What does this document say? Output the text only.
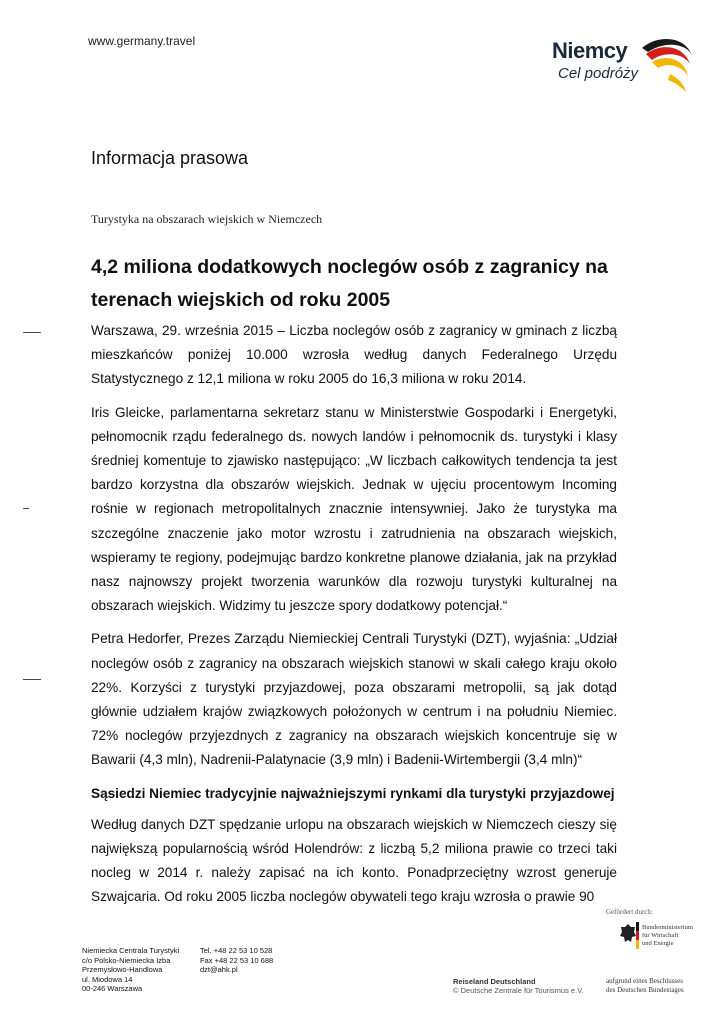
www.germany.travel	Niemcy
Cel podróży
Informacja prasowa
Turystyka na obszarach wiejskich w Niemczech
4,2 miliona dodatkowych noclegów osób z zagranicy na terenach wiejskich od roku 2005

Warszawa, 29. września 2015 – Liczba noclegów osób z zagranicy w gminach z liczbą mieszkańców poniżej 10.000 wzrosła według danych Federalnego Urzędu Statystycznego z 12,1 miliona w roku 2005 do 16,3 miliona w roku 2014.

Iris Gleicke, parlamentarna sekretarz stanu w Ministerstwie Gospodarki i Energetyki, pełnomocnik rządu federalnego ds. nowych landów i pełnomocnik ds. turystyki i klasy średniej komentuje to zjawisko następująco: „W liczbach całkowitych tendencja ta jest bardzo korzystna dla obszarów wiejskich. Jednak w ujęciu procentowym Incoming rośnie w regionach metropolitalnych znacznie intensywniej. Jako że turystyka ma szczególne znaczenie jako motor wzrostu i zatrudnienia na obszarach wiejskich, wspieramy te regiony, podejmując bardzo konkretne planowe działania, jak na przykład nasz najnowszy projekt tworzenia warunków dla rozwoju turystyki kulturalnej na obszarach wiejskich. Widzimy tu jeszcze spory dodatkowy potencjał.“

Petra Hedorfer, Prezes Zarządu Niemieckiej Centrali Turystyki (DZT), wyjaśnia: „Udział noclegów osób z zagranicy na obszarach wiejskich stanowi w skali całego kraju około 22%. Korzyści z turystyki przyjazdowej, poza obszarami metropolii, są jak dotąd głównie udziałem krajów związkowych położonych w centrum i na południu Niemiec. 72% noclegów przyjezdnych z zagranicy na obszarach wiejskich koncentruje się w Bawarii (4,3 mln), Nadrenii-Palatynacie (3,9 mln) i Badenii-Wirtembergii (3,4 mln)“

Sąsiedzi Niemiec tradycyjnie najważniejszymi rynkami dla turystyki przyjazdowej

Według danych DZT spędzanie urlopu na obszarach wiejskich w Niemczech cieszy się największą popularnością wśród Holendrów: z liczbą 5,2 miliona prawie co trzeci taki nocleg w 2014 r. należy zapisać na ich konto. Ponadprzeciętny wzrost generuje Szwajcaria. Od roku 2005 liczba noclegów obywateli tego kraju wzrosła o prawie 90

Niemiecka Centrala Turystyki
c/o Polsko-Niemiecka Izba
Przemysłowo-Handlowa
ul. Miodowa 14
00-246 Warszawa
Tel. +48 22 53 10 528
Fax +48 22 53 10 688
dzt@ahk.pl
Reiseland Deutschland
© Deutsche Zentrale für Tourismus e.V.
Gefördert durch:
Bundesministerium
für Wirtschaft
und Energie
aufgrund eines Beschlusses
des Deutschen Bundestages
